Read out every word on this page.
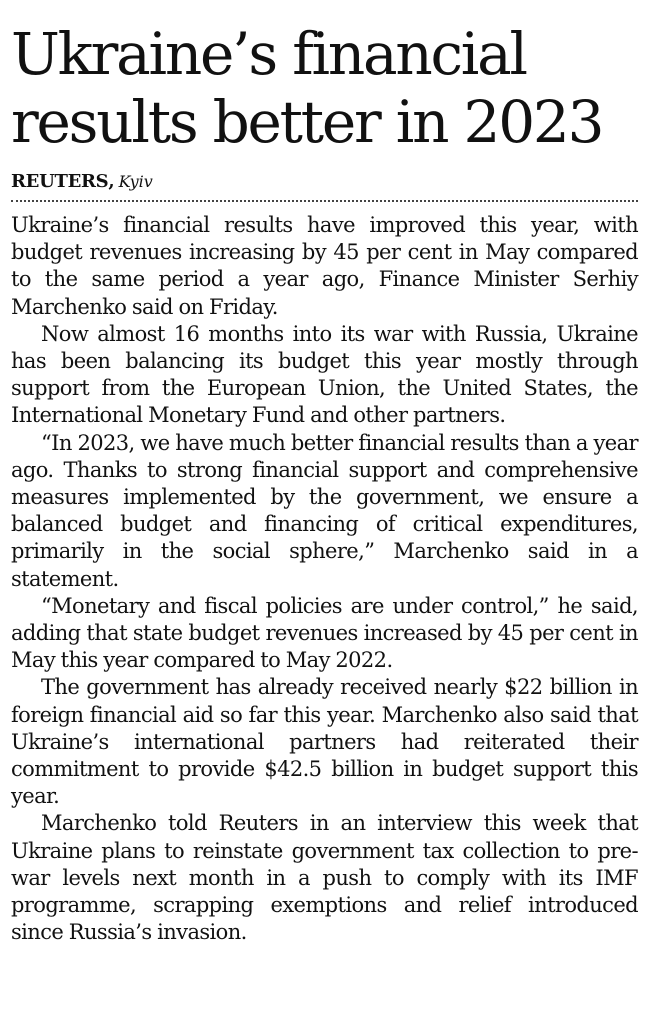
Ukraine’s financial results better in 2023
REUTERS, Kyiv

Ukraine’s financial results have improved this year, with budget revenues increasing by 45 per cent in May compared to the same period a year ago, Finance Minister Serhiy Marchenko said on Friday.

Now almost 16 months into its war with Russia, Ukraine has been balancing its budget this year mostly through support from the European Union, the United States, the International Monetary Fund and other partners.

“In 2023, we have much better financial results than a year ago. Thanks to strong financial support and comprehensive measures implemented by the government, we ensure a balanced budget and financing of critical expenditures, primarily in the social sphere,” Marchenko said in a statement.

“Monetary and fiscal policies are under control,” he said, adding that state budget revenues increased by 45 per cent in May this year compared to May 2022.

The government has already received nearly $22 billion in foreign financial aid so far this year. Marchenko also said that Ukraine’s international partners had reiterated their commitment to provide $42.5 billion in budget support this year.

Marchenko told Reuters in an interview this week that Ukraine plans to reinstate government tax collection to pre-war levels next month in a push to comply with its IMF programme, scrapping exemptions and relief introduced since Russia’s invasion.
